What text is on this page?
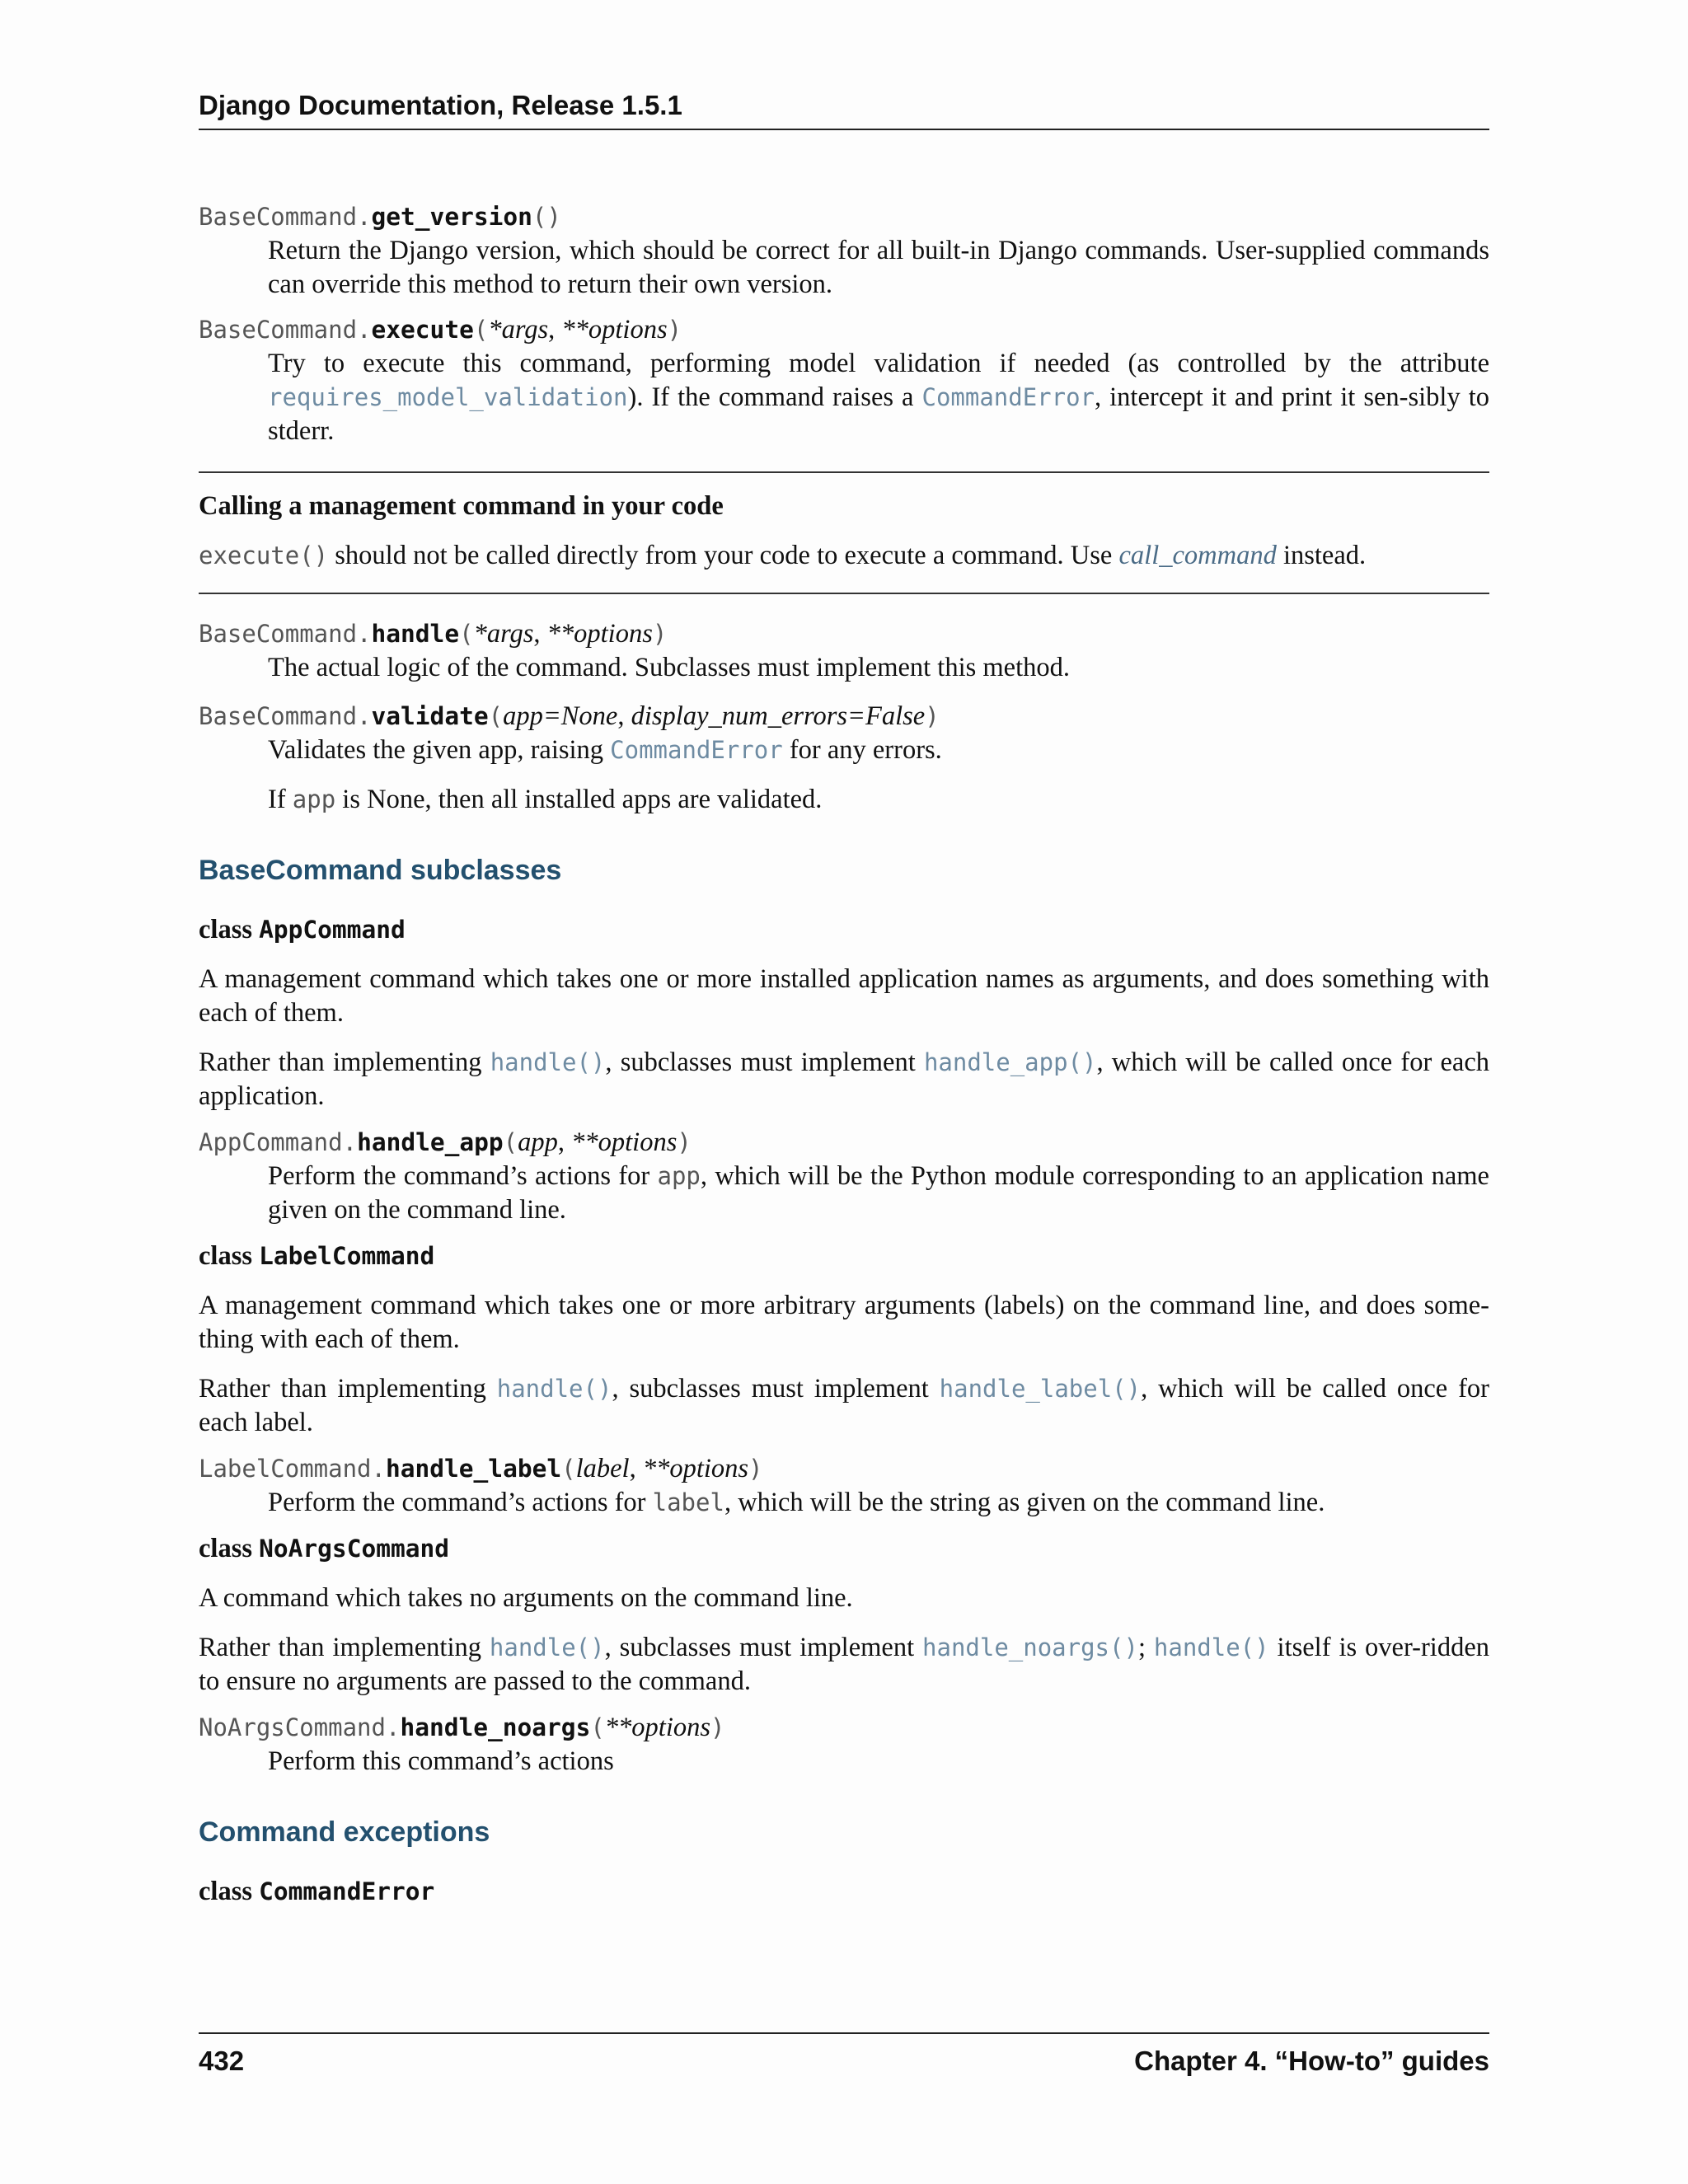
Django Documentation, Release 1.5.1
BaseCommand.get_version()

Return the Django version, which should be correct for all built-in Django commands. User-supplied commands can override this method to return their own version.

BaseCommand.execute(*args, **options)

Try to execute this command, performing model validation if needed (as controlled by the attribute requires_model_validation). If the command raises a CommandError, intercept it and print it sen-sibly to stderr.

Calling a management command in your code
execute() should not be called directly from your code to execute a command. Use call_command instead.
BaseCommand.handle(*args, **options)

The actual logic of the command. Subclasses must implement this method.

BaseCommand.validate(app=None, display_num_errors=False)

Validates the given app, raising CommandError for any errors.

If app is None, then all installed apps are validated.

BaseCommand subclasses
class AppCommand

A management command which takes one or more installed application names as arguments, and does something with each of them.

Rather than implementing handle(), subclasses must implement handle_app(), which will be called once for each application.

AppCommand.handle_app(app, **options)

Perform the command’s actions for app, which will be the Python module corresponding to an application name given on the command line.

class LabelCommand

A management command which takes one or more arbitrary arguments (labels) on the command line, and does some-thing with each of them.

Rather than implementing handle(), subclasses must implement handle_label(), which will be called once for each label.

LabelCommand.handle_label(label, **options)

Perform the command’s actions for label, which will be the string as given on the command line.

class NoArgsCommand

A command which takes no arguments on the command line.

Rather than implementing handle(), subclasses must implement handle_noargs(); handle() itself is over-ridden to ensure no arguments are passed to the command.

NoArgsCommand.handle_noargs(**options)

Perform this command’s actions

Command exceptions
class CommandError
432	Chapter 4. “How-to” guides
